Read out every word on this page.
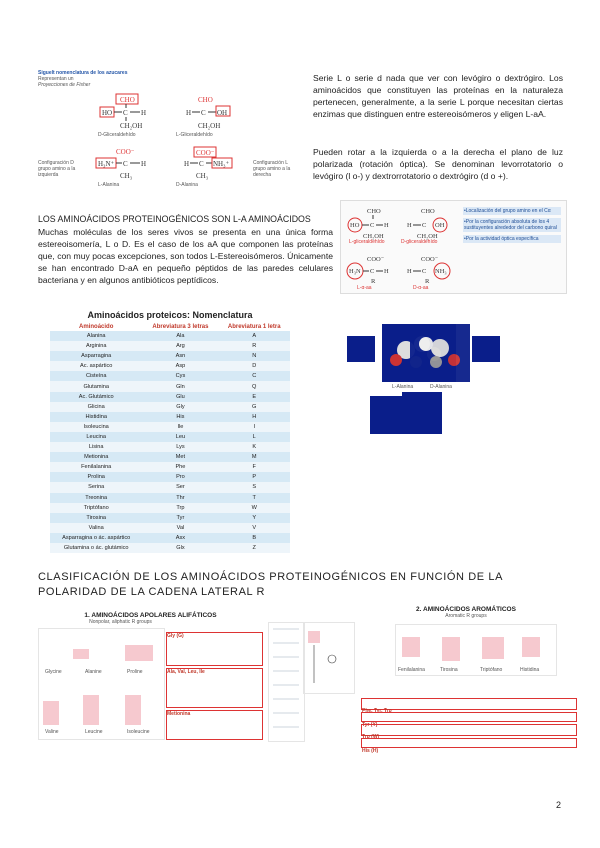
Siguelt nomenclatura de los azucares
Representan un
Proyecciones de Fisher
CHO
HO C H
CH₂OH
CHO
H C OH
CH₂OH
COO⁻
H₃N⁺ C H
CH₃
COO⁻
H C NH₃⁺
CH₃
Configuración D
grupo amino a la
izquierda
Configuración L
grupo amino a la
derecha
D-Gliceraldehído	L-Gliceraldehído
L-Alanina	D-Alanina
Serie L o serie d nada que ver con levógiro o dextrógiro. Los aminoácidos que constituyen las proteínas en la naturaleza pertenecen, generalmente, a la serie L porque necesitan ciertas enzimas que distinguen entre estereoisómeros y eligen L-aA.
Pueden rotar a la izquierda o a la derecha el plano de luz polarizada (rotación óptica). Se denominan levorrotatorio o levógiro (l o-) y dextrorrotatorio o dextrógiro (d o +).
LOS AMINOÁCIDOS PROTEINOGÉNICOS SON L-A AMINOÁCIDOS
Muchas moléculas de los seres vivos se presenta en una única forma estereoisomería, L o D. Es el caso de los aA que componen las proteínas que, con muy pocas excepciones, son todos L-Estereoisómeros. Únicamente se han encontrado D-aA en pequeño péptidos de las paredes celulares bacteriana y en algunos antibióticos peptídicos.
CHO
HO C H
CH₂OH
CHO
H C OH
CH₂OH
COO⁻
H₃N C H
R
COO⁻
H C NH₃
R
L-gliceraldehído	D-gliceraldehído
L-α-aa	D-α-aa
•Localización del grupo amino en el Cα
•Por la configuración absoluta de los 4 sustituyentes alrededor del carbono quiral
•Por la actividad óptica específica
Aminoácidos proteicos: Nomenclatura
Aminoácido	Abreviatura 3 letras	Abreviatura 1 letra
Alanina	Ala	A
Arginina	Arg	R
Asparragina	Asn	N
Ac. aspártico	Asp	D
Cisteína	Cys	C
Glutamina	Gln	Q
Ac. Glutámico	Glu	E
Glicina	Gly	G
Histidina	His	H
Isoleucina	Ile	I
Leucina	Leu	L
Lisina	Lys	K
Metionina	Met	M
Fenilalanina	Phe	F
Prolina	Pro	P
Serina	Ser	S
Treonina	Thr	T
Triptófano	Trp	W
Tirosina	Tyr	Y
Valina	Val	V
Asparragina o ác. aspártico	Asx	B
Glutamina o ác. glutámico	Glx	Z
L-Alanina	D-Alanina
CLASIFICACIÓN DE LOS AMINOÁCIDOS PROTEINOGÉNICOS EN FUNCIÓN DE LA POLARIDAD DE LA CADENA LATERAL R
1. AMINOÁCIDOS APOLARES ALIFÁTICOS
Nonpolar, aliphatic R groups
Glycine	Alanine	Proline
Valine	Leucine	Isoleucine
Gly (G)
Ala, Val, Leu, Ile
Metionina
2. AMINOÁCIDOS AROMÁTICOS
Aromatic R groups
Fenilalanina	Tirosina	Triptófano	Histidina
Phe, Tyr, Trp
Tyr (Y)
Trp (W)
His (H)
2
